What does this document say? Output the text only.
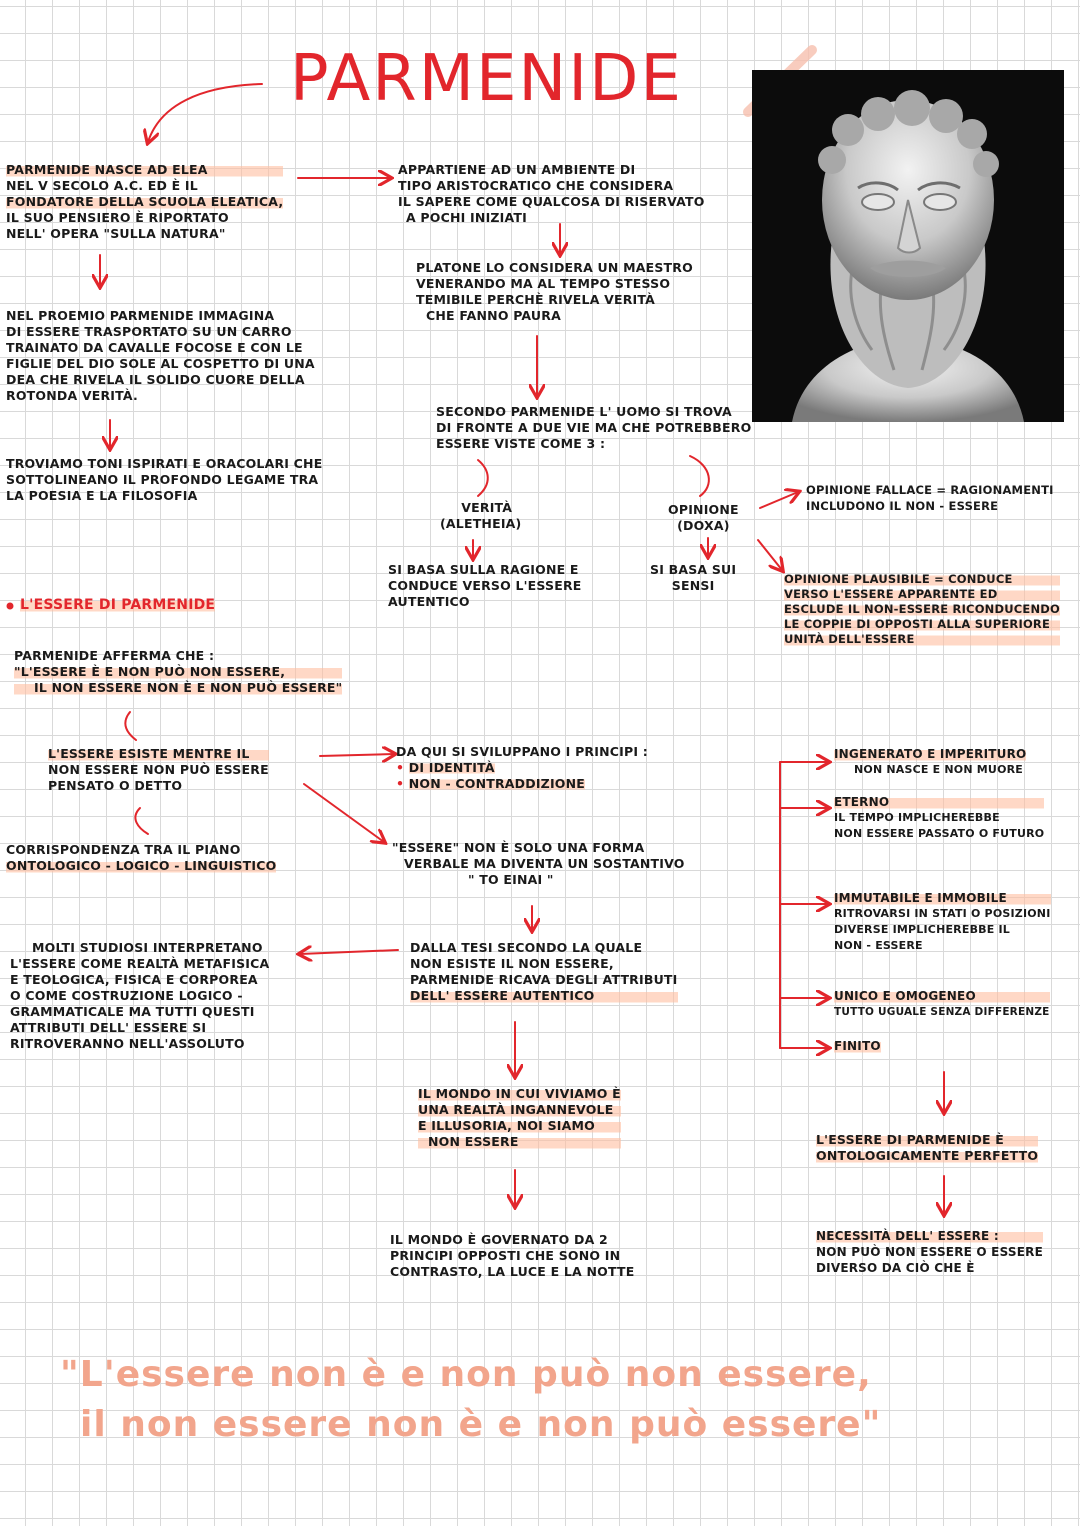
PARMENIDE
PARMENIDE NASCE AD ELEA
NEL V SECOLO A.C. ED È IL
FONDATORE DELLA SCUOLA ELEATICA,
IL SUO PENSIERO È RIPORTATO
NELL' OPERA "SULLA NATURA"
NEL PROEMIO PARMENIDE IMMAGINA
DI ESSERE TRASPORTATO SU UN CARRO
TRAINATO DA CAVALLE FOCOSE E CON LE
FIGLIE DEL DIO SOLE AL COSPETTO DI UNA
DEA CHE RIVELA IL SOLIDO CUORE DELLA
ROTONDA VERITÀ.
TROVIAMO TONI ISPIRATI E ORACOLARI CHE
SOTTOLINEANO IL PROFONDO LEGAME TRA
LA POESIA E LA FILOSOFIA
L'ESSERE DI PARMENIDE
PARMENIDE AFFERMA CHE :
"L'ESSERE È E NON PUÒ NON ESSERE,
IL NON ESSERE NON È E NON PUÒ ESSERE"
L'ESSERE ESISTE MENTRE IL
NON ESSERE NON PUÒ ESSERE
PENSATO O DETTO
CORRISPONDENZA TRA IL PIANO
ONTOLOGICO - LOGICO - LINGUISTICO
MOLTI STUDIOSI INTERPRETANO
L'ESSERE COME REALTÀ METAFISICA
E TEOLOGICA, FISICA E CORPOREA
O COME COSTRUZIONE LOGICO -
GRAMMATICALE MA TUTTI QUESTI
ATTRIBUTI DELL' ESSERE SI
RITROVERANNO NELL'ASSOLUTO
APPARTIENE AD UN AMBIENTE DI
TIPO ARISTOCRATICO CHE CONSIDERA
IL SAPERE COME QUALCOSA DI RISERVATO
A POCHI INIZIATI
PLATONE LO CONSIDERA UN MAESTRO
VENERANDO MA AL TEMPO STESSO
TEMIBILE PERCHÈ RIVELA VERITÀ
CHE FANNO PAURA
SECONDO PARMENIDE L' UOMO SI TROVA
DI FRONTE A DUE VIE MA CHE POTREBBERO
ESSERE VISTE COME 3 :
VERITÀ
(ALETHEIA)
SI BASA SULLA RAGIONE E
CONDUCE VERSO L'ESSERE
AUTENTICO
OPINIONE
(DOXA)
SI BASA SUI
SENSI
DA QUI SI SVILUPPANO I PRINCIPI :
• DI IDENTITÀ
• NON - CONTRADDIZIONE
"ESSERE" NON È SOLO UNA FORMA
VERBALE MA DIVENTA UN SOSTANTIVO
" TO EINAI "
DALLA TESI SECONDO LA QUALE
NON ESISTE IL NON ESSERE,
PARMENIDE RICAVA DEGLI ATTRIBUTI
DELL' ESSERE AUTENTICO
IL MONDO IN CUI VIVIAMO È
UNA REALTÀ INGANNEVOLE
E ILLUSORIA, NOI SIAMO
NON ESSERE
IL MONDO È GOVERNATO DA 2
PRINCIPI OPPOSTI CHE SONO IN
CONTRASTO, LA LUCE E LA NOTTE
OPINIONE FALLACE = RAGIONAMENTI
INCLUDONO IL NON - ESSERE
OPINIONE PLAUSIBILE = CONDUCE
VERSO L'ESSERE APPARENTE ED
ESCLUDE IL NON-ESSERE RICONDUCENDO
LE COPPIE DI OPPOSTI ALLA SUPERIORE
UNITÀ DELL'ESSERE
INGENERATO E IMPERITURO
NON NASCE E NON MUORE
ETERNO
IL TEMPO IMPLICHEREBBE
NON ESSERE PASSATO O FUTURO
IMMUTABILE E IMMOBILE
RITROVARSI IN STATI O POSIZIONI
DIVERSE IMPLICHEREBBE IL
NON - ESSERE
UNICO E OMOGENEO
TUTTO UGUALE SENZA DIFFERENZE
FINITO
L'ESSERE DI PARMENIDE È
ONTOLOGICAMENTE PERFETTO
NECESSITÀ DELL' ESSERE :
NON PUÒ NON ESSERE O ESSERE
DIVERSO DA CIÒ CHE È
"L'essere non è e non può non essere,
il non essere non è e non può essere"
